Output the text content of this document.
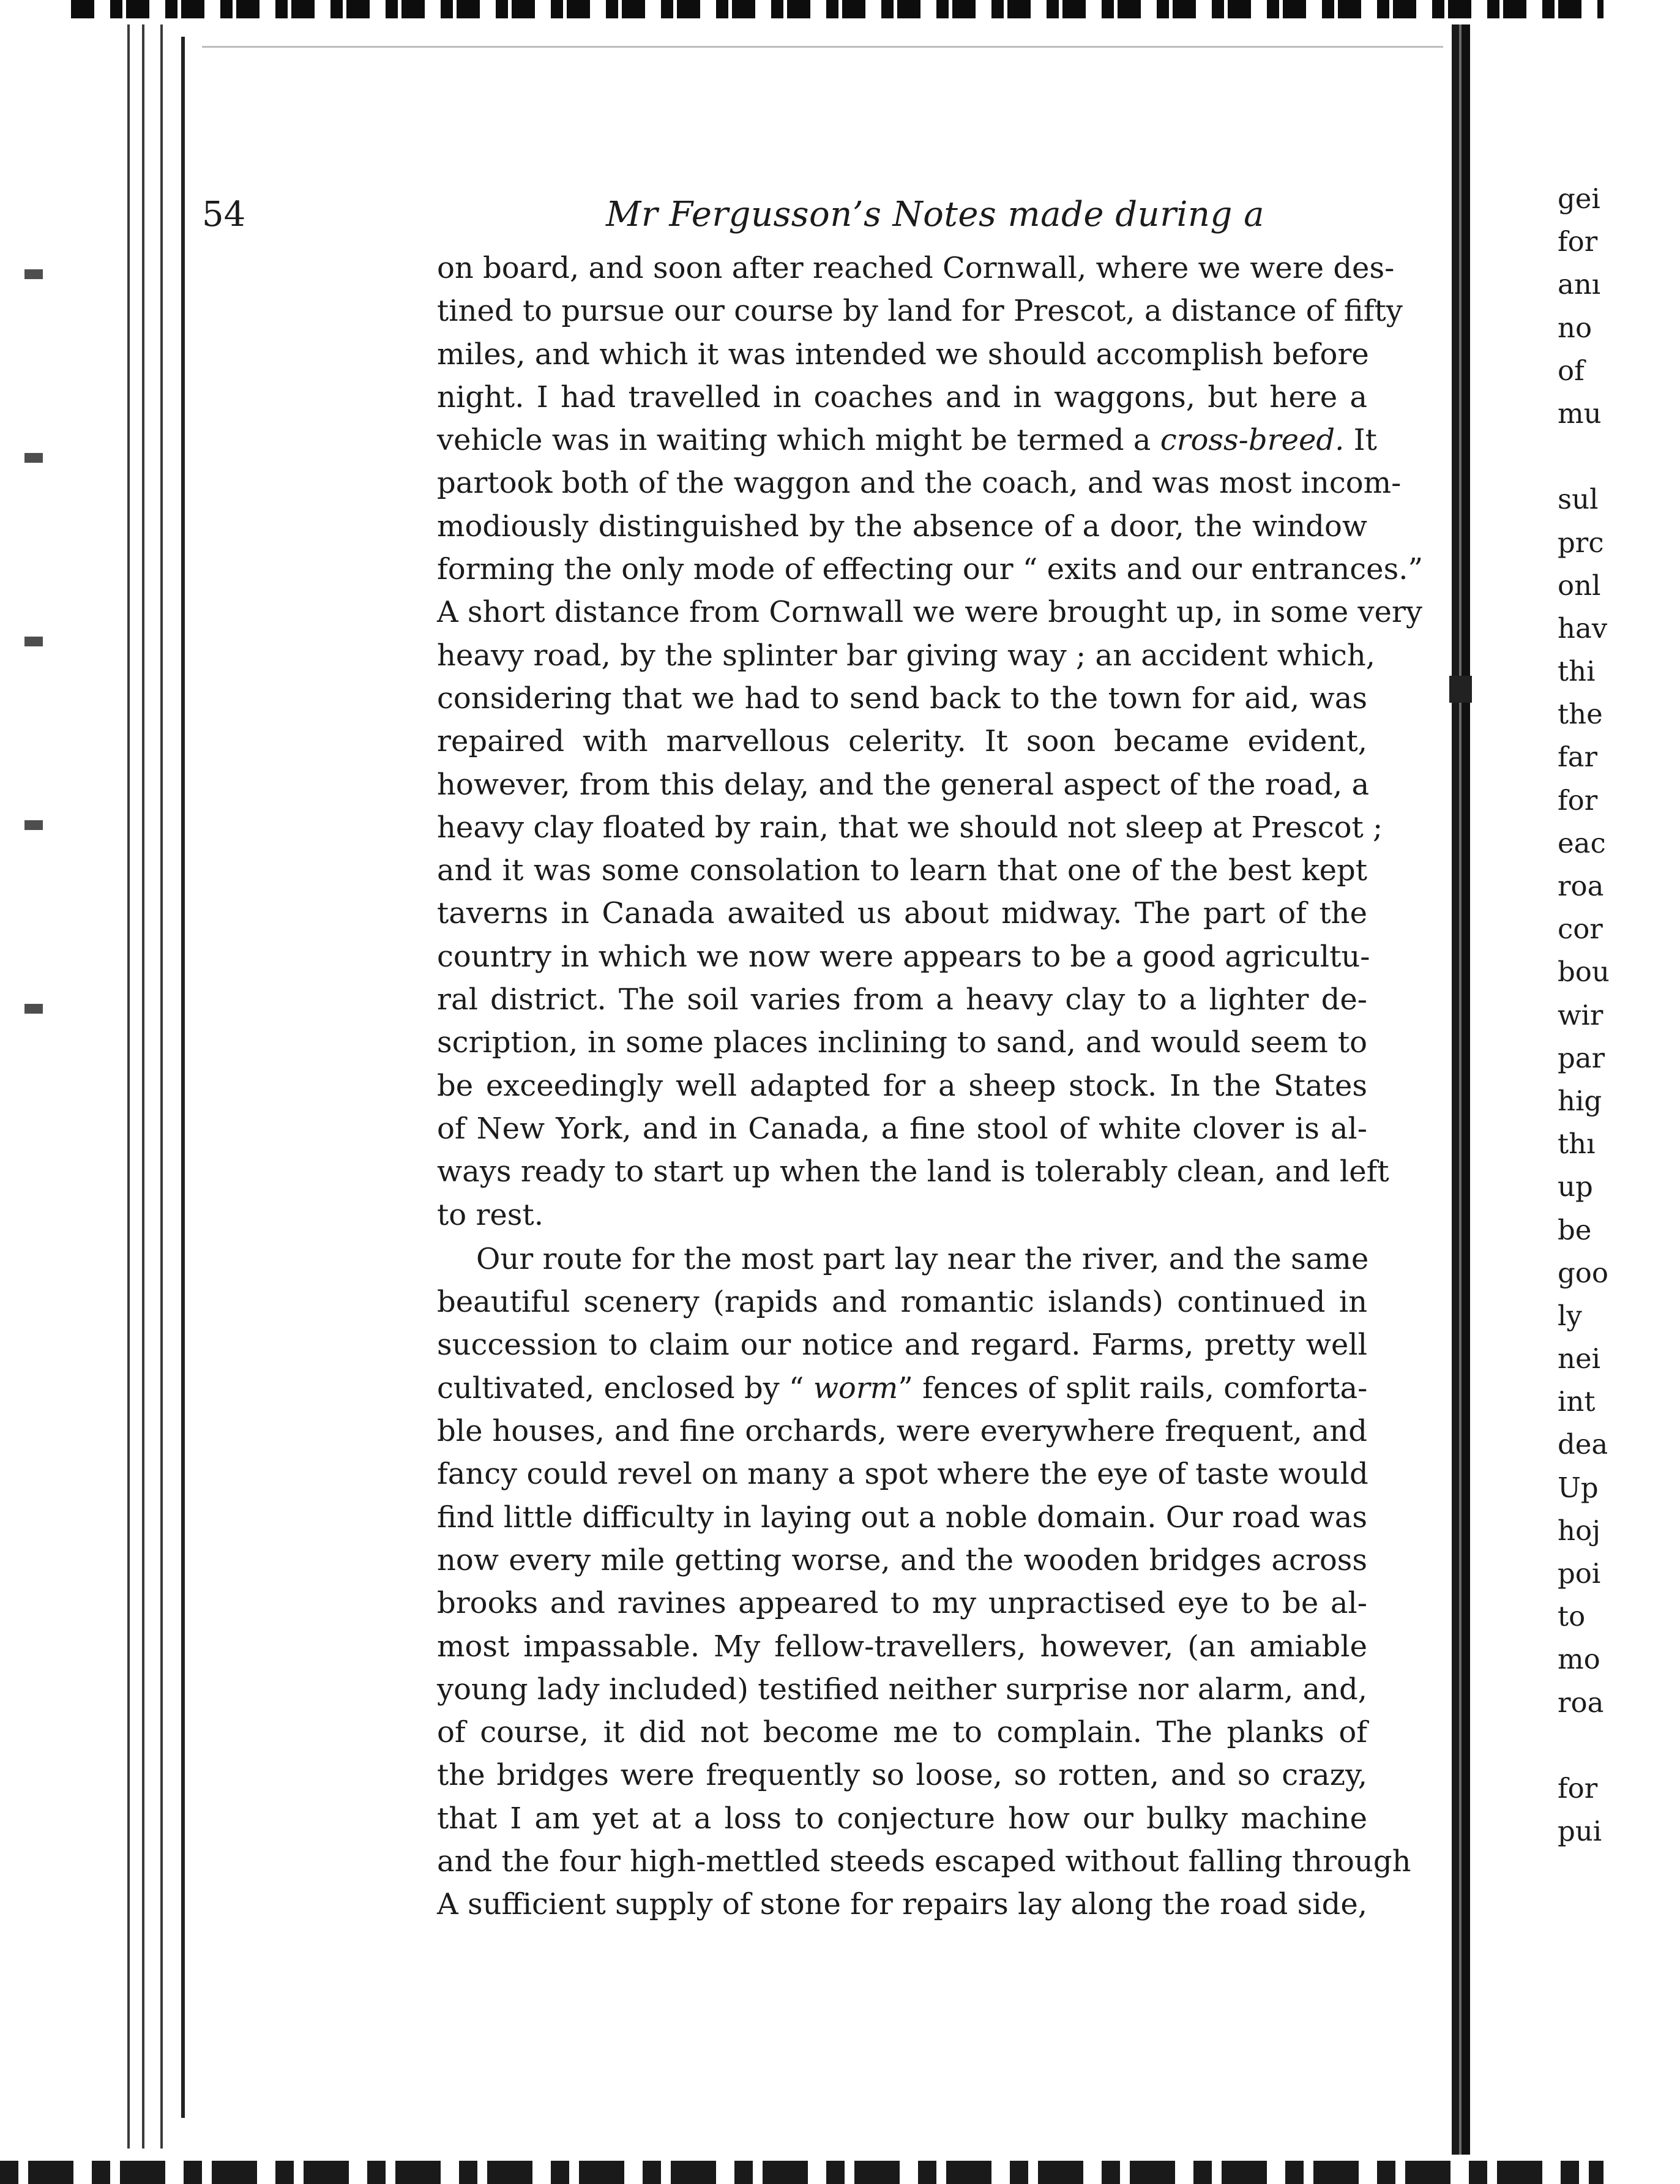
54	Mr Fergusson’s Notes made during a
on board, and soon after reached Cornwall, where we were des-
tined to pursue our course by land for Prescot, a distance of fifty
miles, and which it was intended we should accomplish before
night. I had travelled in coaches and in waggons, but here a
vehicle was in waiting which might be termed a cross-breed. It
partook both of the waggon and the coach, and was most incom-
modiously distinguished by the absence of a door, the window
forming the only mode of effecting our “ exits and our entrances.”
A short distance from Cornwall we were brought up, in some very
heavy road, by the splinter bar giving way ; an accident which,
considering that we had to send back to the town for aid, was
repaired with marvellous celerity. It soon became evident,
however, from this delay, and the general aspect of the road, a
heavy clay floated by rain, that we should not sleep at Prescot ;
and it was some consolation to learn that one of the best kept
taverns in Canada awaited us about midway. The part of the
country in which we now were appears to be a good agricultu-
ral district. The soil varies from a heavy clay to a lighter de-
scription, in some places inclining to sand, and would seem to
be exceedingly well adapted for a sheep stock. In the States
of New York, and in Canada, a fine stool of white clover is al-
ways ready to start up when the land is tolerably clean, and left
to rest.
Our route for the most part lay near the river, and the same
beautiful scenery (rapids and romantic islands) continued in
succession to claim our notice and regard. Farms, pretty well
cultivated, enclosed by “ worm” fences of split rails, comforta-
ble houses, and fine orchards, were everywhere frequent, and
fancy could revel on many a spot where the eye of taste would
find little difficulty in laying out a noble domain. Our road was
now every mile getting worse, and the wooden bridges across
brooks and ravines appeared to my unpractised eye to be al-
most impassable. My fellow-travellers, however, (an amiable
young lady included) testified neither surprise nor alarm, and,
of course, it did not become me to complain. The planks of
the bridges were frequently so loose, so rotten, and so crazy,
that I am yet at a loss to conjecture how our bulky machine
and the four high-mettled steeds escaped without falling through
A sufficient supply of stone for repairs lay along the road side,
gei
for
anı
no
of
mu
sul
prc
onl
hav
thi
the
far
for
eac
roa
cor
bou
wir
par
hig
thı
up
be
goo
ly
nei
int
dea
Up
hoj
poi
to
mo
roa
for
pui
